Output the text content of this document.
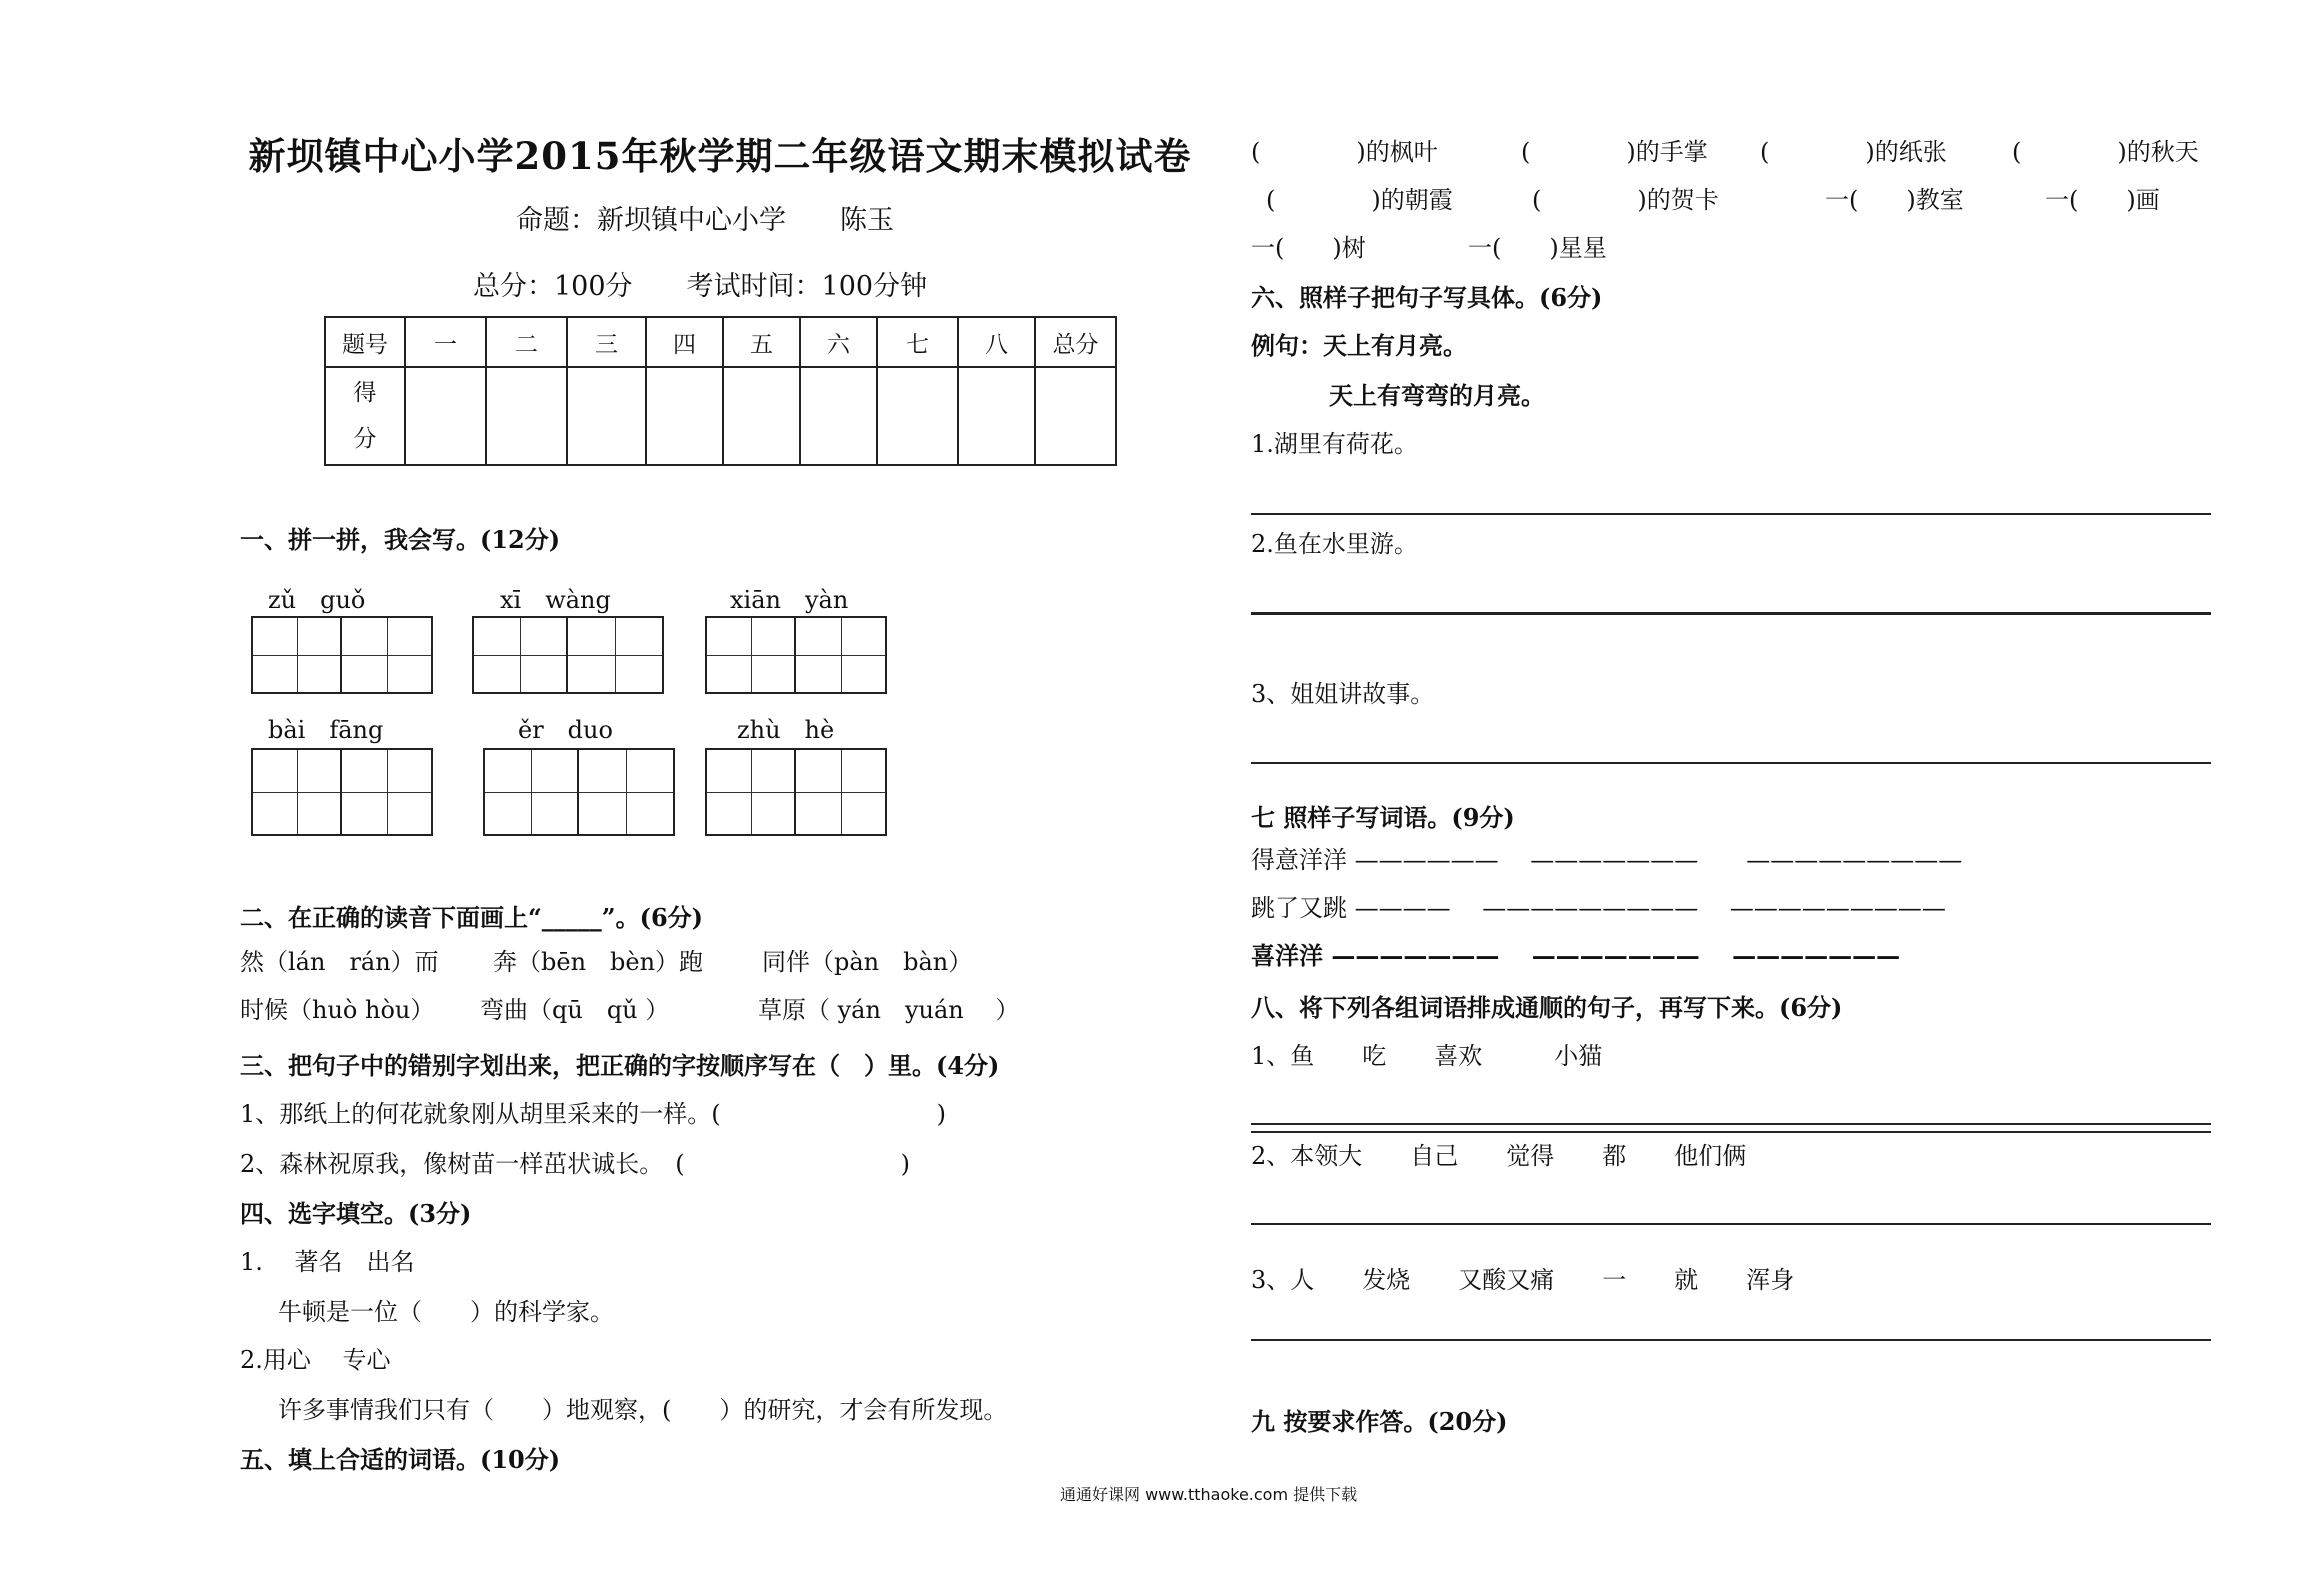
新坝镇中心小学2015年秋学期二年级语文期末模拟试卷
命题：新坝镇中心小学　　陈玉
总分：100分　　考试时间：100分钟
题号	一	二	三	四	五	六	七	八	总分

得分									

一、拼一拼，我会写。(12分)
zǔ　guǒ	xī　wàng	xiān　yàn
bài　fāng	ěr　duo	zhù　hè
二、在正确的读音下面画上“_____”。(6分)
然（lán　rán）而 奔（bēn　bèn）跑 同伴（pàn　bàn）
时候（huò hòu） 弯曲（qū　qǔ ）	草原（ yán　yuán　 ）
三、把句子中的错别字划出来，把正确的字按顺序写在（　）里。(4分)
1、那纸上的何花就象刚从胡里采来的一样。(　　　　　　　　　)
2、森林祝原我，像树苗一样茁状诚长。　(　　　　　　　　　)
四、选字填空。(3分)
1.　 著名　出名
牛顿是一位（　　）的科学家。
2.用心　 专心
许多事情我们只有（　　）地观察，(　　）的研究，才会有所发现。
五、填上合适的词语。(10分)
(　　　　)的枫叶	(　　　　)的手掌 (　　　　)的纸张	(　　　　)的秋天
(　　　　)的朝霞	(　　　　)的贺卡	一(　　)教室	一(　　)画
一(　　)树	一(　　)星星
六、照样子把句子写具体。(6分)
例句：天上有月亮。
天上有弯弯的月亮。
1.湖里有荷花。
2.鱼在水里游。
3、姐姐讲故事。
七 照样子写词语。(9分)
得意洋洋 ——————　 ———————　　—————————
跳了又跳 ————　 —————————　 —————————
喜洋洋 ———————　 ———————　 ———————
八、将下列各组词语排成通顺的句子，再写下来。(6分)
1、鱼　　吃　　喜欢　　　小猫
2、本领大　　自己　　觉得　　都　　他们俩
3、人　　发烧　　又酸又痛　　一　　就　　浑身
九 按要求作答。(20分)
通通好课网 www.tthaoke.com 提供下载
